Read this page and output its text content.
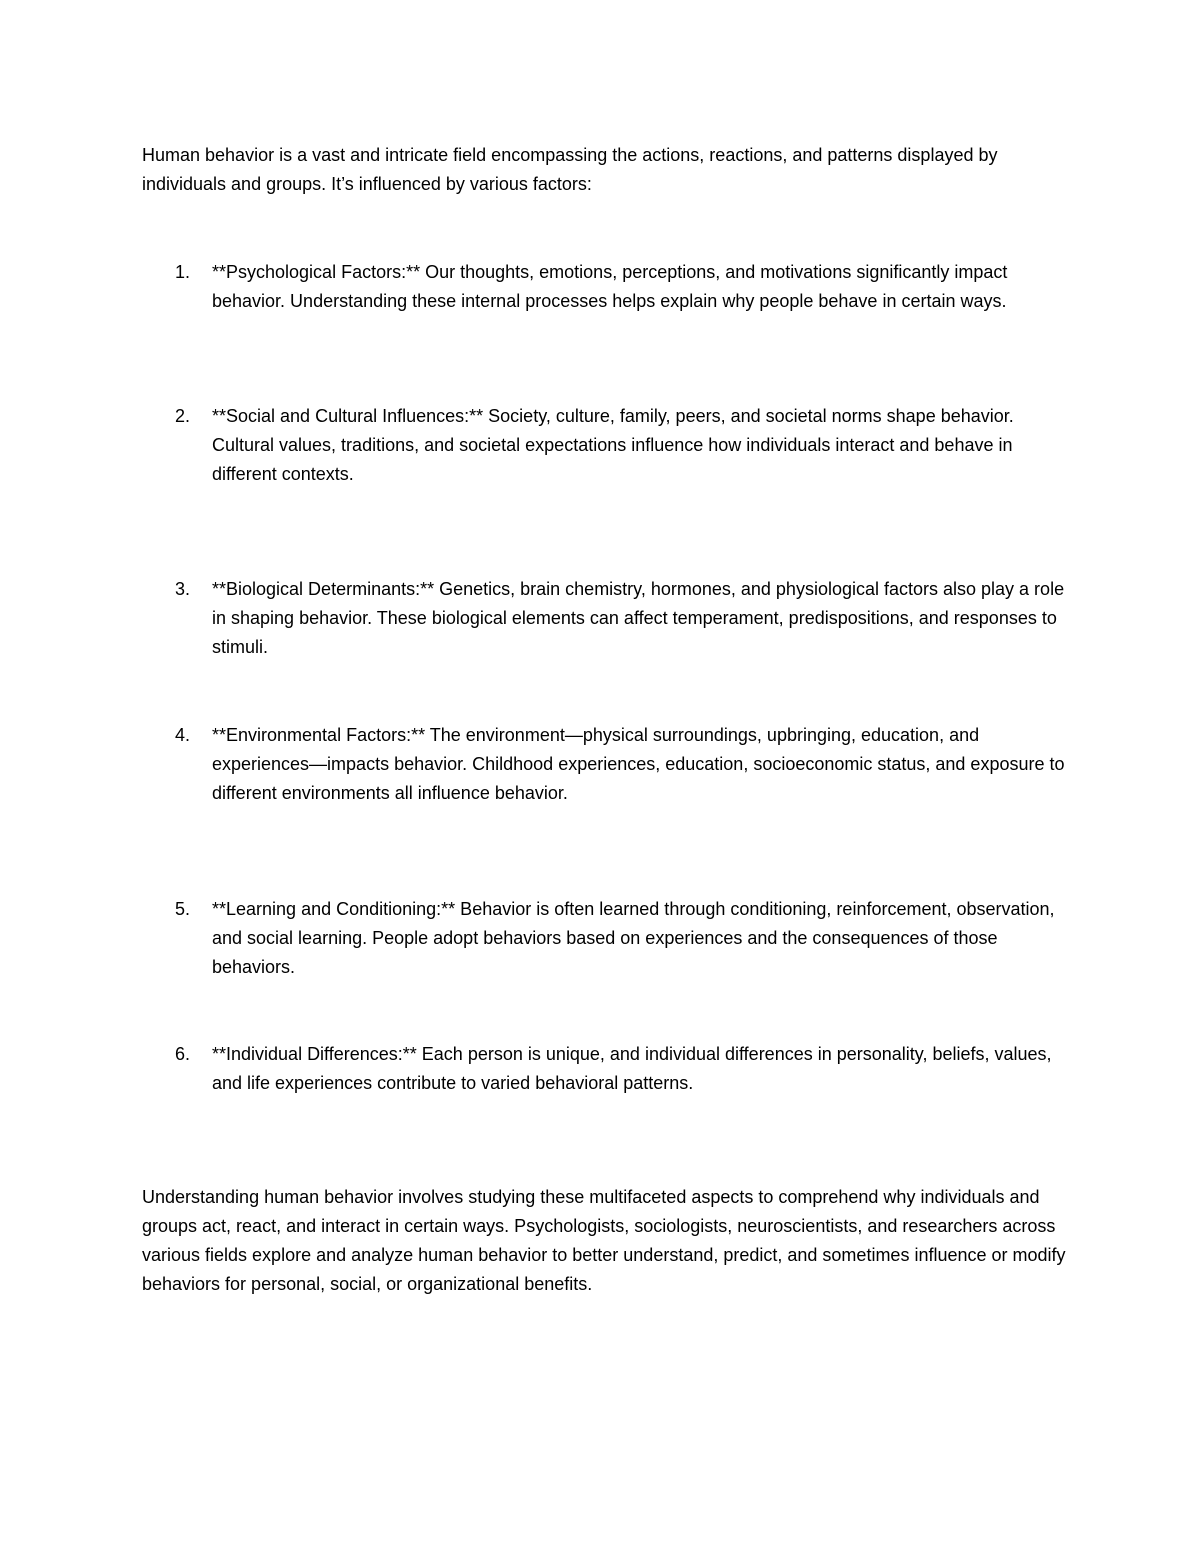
Human behavior is a vast and intricate field encompassing the actions, reactions, and patterns displayed by individuals and groups. It’s influenced by various factors:

1.	**Psychological Factors:** Our thoughts, emotions, perceptions, and motivations significantly impact behavior. Understanding these internal processes helps explain why people behave in certain ways.
2.	**Social and Cultural Influences:** Society, culture, family, peers, and societal norms shape behavior. Cultural values, traditions, and societal expectations influence how individuals interact and behave in different contexts.
3.	**Biological Determinants:** Genetics, brain chemistry, hormones, and physiological factors also play a role in shaping behavior. These biological elements can affect temperament, predispositions, and responses to stimuli.
4.	**Environmental Factors:** The environment—physical surroundings, upbringing, education, and experiences—impacts behavior. Childhood experiences, education, socioeconomic status, and exposure to different environments all influence behavior.
5.	**Learning and Conditioning:** Behavior is often learned through conditioning, reinforcement, observation, and social learning. People adopt behaviors based on experiences and the consequences of those behaviors.
6.	**Individual Differences:** Each person is unique, and individual differences in personality, beliefs, values, and life experiences contribute to varied behavioral patterns.

Understanding human behavior involves studying these multifaceted aspects to comprehend why individuals and groups act, react, and interact in certain ways. Psychologists, sociologists, neuroscientists, and researchers across various fields explore and analyze human behavior to better understand, predict, and sometimes influence or modify behaviors for personal, social, or organizational benefits.
